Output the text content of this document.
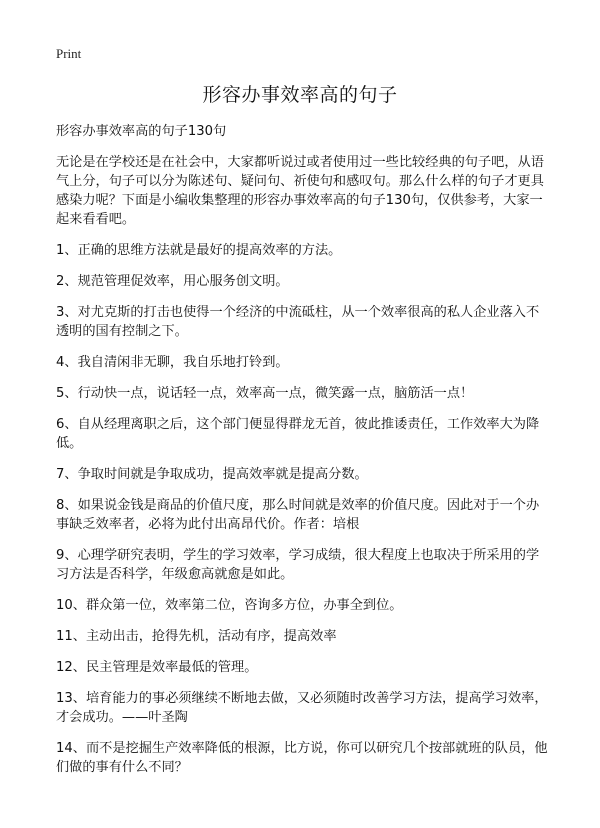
Print
形容办事效率高的句子

形容办事效率高的句子130句

无论是在学校还是在社会中，大家都听说过或者使用过一些比较经典的句子吧，从语气上分，句子可以分为陈述句、疑问句、祈使句和感叹句。那么什么样的句子才更具感染力呢？下面是小编收集整理的形容办事效率高的句子130句，仅供参考，大家一起来看看吧。

1、正确的思维方法就是最好的提高效率的方法。

2、规范管理促效率，用心服务创文明。

3、对尤克斯的打击也使得一个经济的中流砥柱，从一个效率很高的私人企业落入不透明的国有控制之下。

4、我自清闲非无聊，我自乐地打铃到。

5、行动快一点，说话轻一点，效率高一点，微笑露一点，脑筋活一点！

6、自从经理离职之后，这个部门便显得群龙无首，彼此推诿责任，工作效率大为降低。

7、争取时间就是争取成功，提高效率就是提高分数。

8、如果说金钱是商品的价值尺度，那么时间就是效率的价值尺度。因此对于一个办事缺乏效率者，必将为此付出高昂代价。作者：培根

9、心理学研究表明，学生的学习效率，学习成绩，很大程度上也取决于所采用的学习方法是否科学，年级愈高就愈是如此。

10、群众第一位，效率第二位，咨询多方位，办事全到位。

11、主动出击，抢得先机，活动有序，提高效率

12、民主管理是效率最低的管理。

13、培育能力的事必须继续不断地去做，又必须随时改善学习方法，提高学习效率，才会成功。——叶圣陶

14、而不是挖掘生产效率降低的根源，比方说，你可以研究几个按部就班的队员，他们做的事有什么不同？
